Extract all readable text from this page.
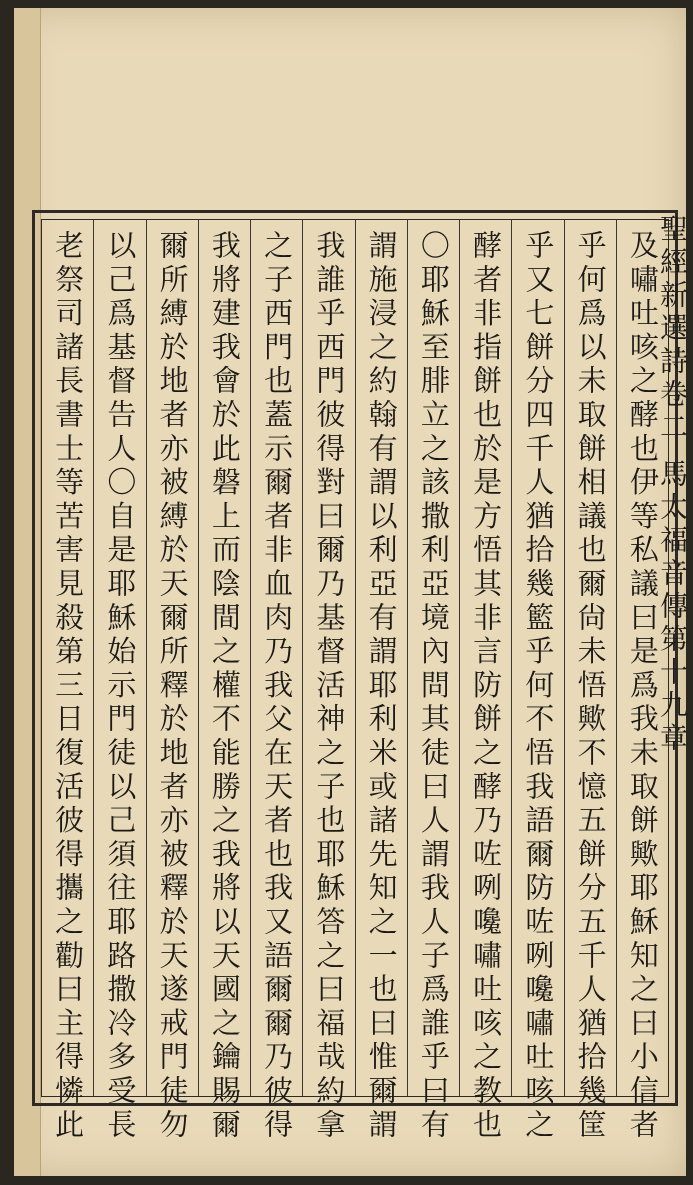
及嘯吐咳之酵也伊等私議曰是爲我未取餅歟耶穌知之曰小信者
乎何爲以未取餅相議也爾尙未悟歟不憶五餅分五千人猶拾幾筐
乎又七餅分四千人猶拾幾籃乎何不悟我語爾防咗咧嚵嘯吐咳之
酵者非指餅也於是方悟其非言防餅之酵乃咗咧嚵嘯吐咳之教也
〇耶穌至腓立之該撒利亞境內問其徒曰人謂我人子爲誰乎曰有
謂施浸之約翰有謂以利亞有謂耶利米或諸先知之一也曰惟爾謂
我誰乎西門彼得對曰爾乃基督活神之子也耶穌答之曰福哉約拿
之子西門也蓋示爾者非血肉乃我父在天者也我又語爾爾乃彼得
我將建我會於此磐上而陰間之權不能勝之我將以天國之鑰賜爾
爾所縛於地者亦被縛於天爾所釋於地者亦被釋於天遂戒門徒勿
以己爲基督告人〇自是耶穌始示門徒以己須往耶路撒冷多受長
老祭司諸長書士等苦害見殺第三日復活彼得攜之勸曰主得憐此	聖經新選詩卷二 馬太福音傳第十九章
